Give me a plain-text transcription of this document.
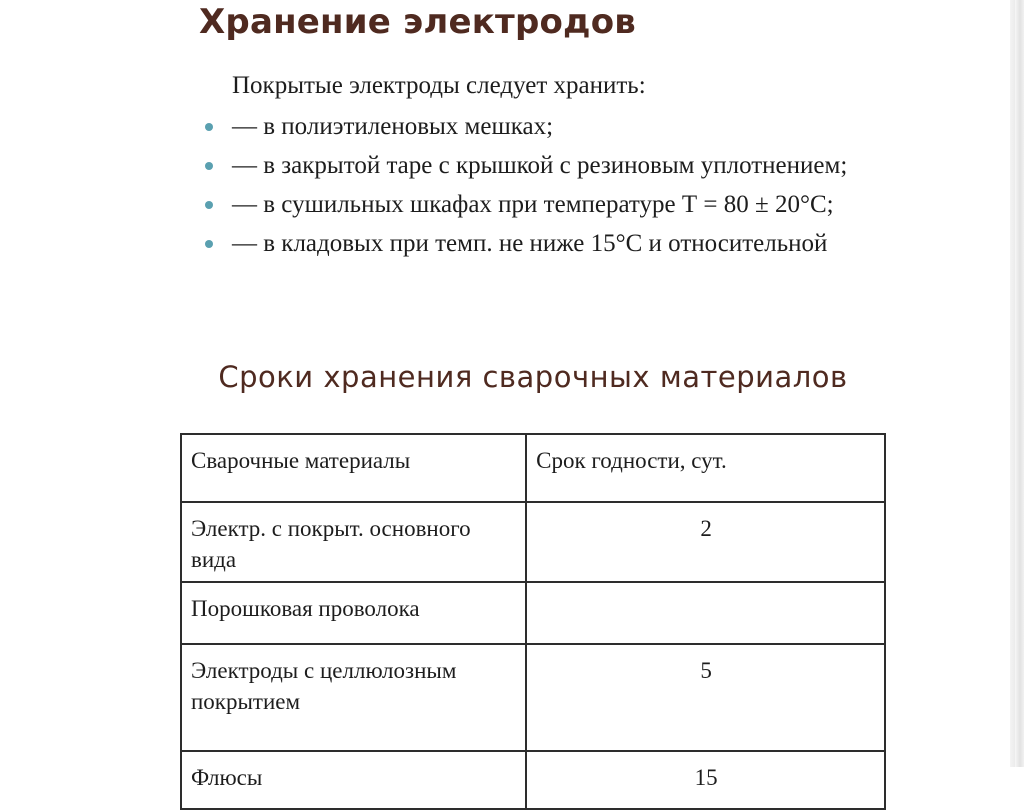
Хранение электродов
Покрытые электроды следует хранить:
— в полиэтиленовых мешках;
— в закрытой таре с крышкой с резиновым уплотнением;
— в сушильных шкафах при температуре Т = 80 ± 20°С;
— в кладовых при темп. не ниже 15°С и относительной
Сроки хранения сварочных материалов
Сварочные материалы	Срок годности, сут.
Электр. с покрыт. основного вида	2
Порошковая проволока	
Электроды с целлюлозным покрытием	5
Флюсы	15
